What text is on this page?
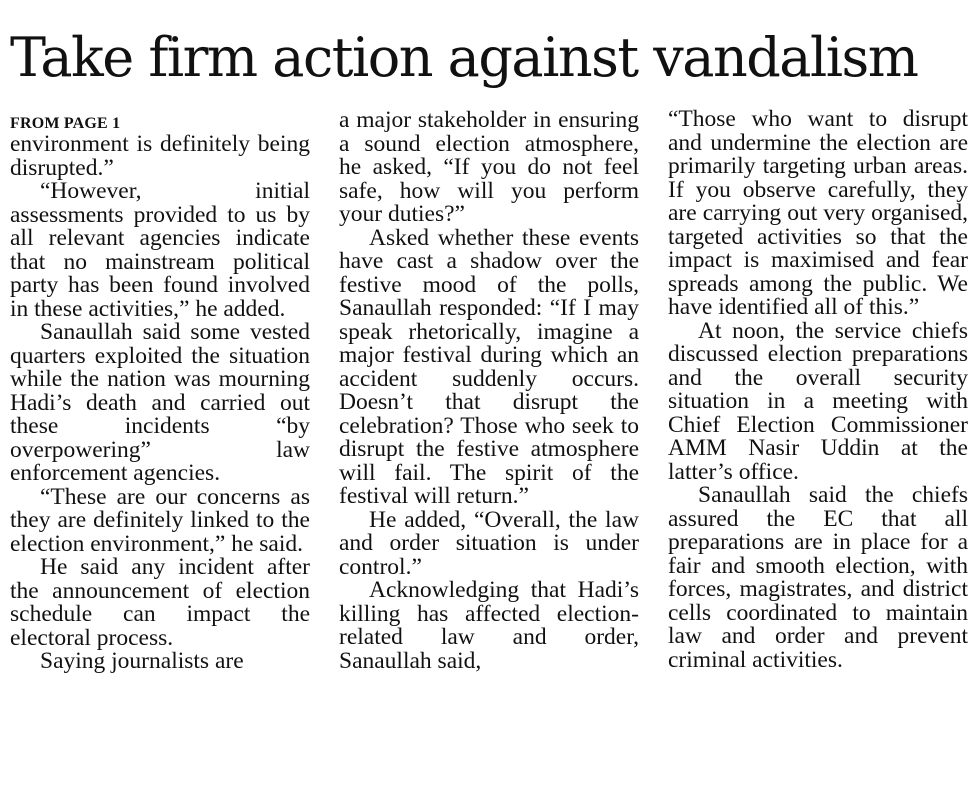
Take firm action against vandalism
FROM PAGE 1

environment is definitely being disrupted.”

“However, initial assessments provided to us by all relevant agencies indicate that no mainstream political party has been found involved in these activities,” he added.

Sanaullah said some vested quarters exploited the situation while the nation was mourning Hadi’s death and carried out these incidents “by overpowering” law enforcement agencies.

“These are our concerns as they are definitely linked to the election environment,” he said.

He said any incident after the announcement of election schedule can impact the electoral process.

Saying journalists are

a major stakeholder in ensuring a sound election atmosphere, he asked, “If you do not feel safe, how will you perform your duties?”

Asked whether these events have cast a shadow over the festive mood of the polls, Sanaullah responded: “If I may speak rhetorically, imagine a major festival during which an accident suddenly occurs. Doesn’t that disrupt the celebration? Those who seek to disrupt the festive atmosphere will fail. The spirit of the festival will return.”

He added, “Overall, the law and order situation is under control.”

Acknowledging that Hadi’s killing has affected election-related law and order, Sanaullah said,

“Those who want to disrupt and undermine the election are primarily targeting urban areas. If you observe carefully, they are carrying out very organised, targeted activities so that the impact is maximised and fear spreads among the public. We have identified all of this.”

At noon, the service chiefs discussed election preparations and the overall security situation in a meeting with Chief Election Commissioner AMM Nasir Uddin at the latter’s office.

Sanaullah said the chiefs assured the EC that all preparations are in place for a fair and smooth election, with forces, magistrates, and district cells coordinated to maintain law and order and prevent criminal activities.
